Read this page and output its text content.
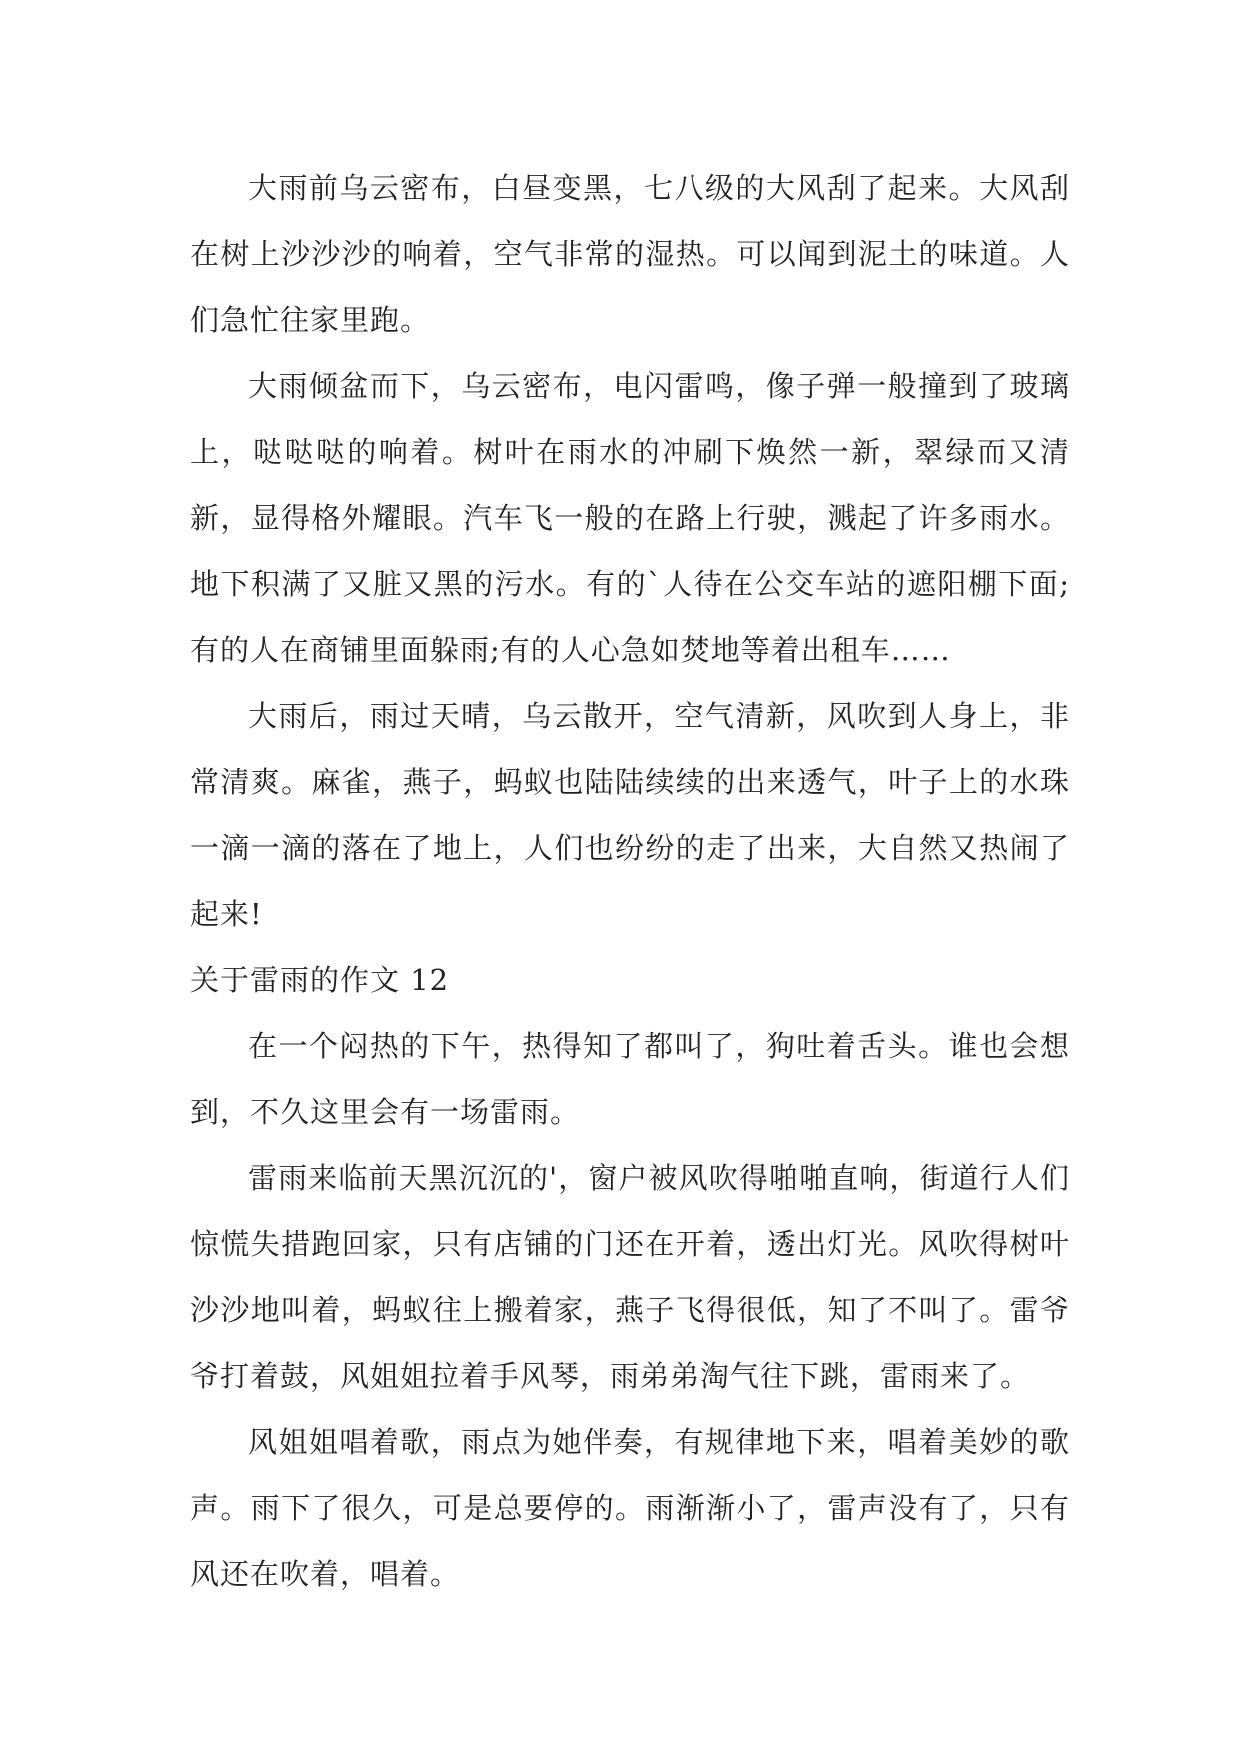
大雨前乌云密布，白昼变黑，七八级的大风刮了起来。大风刮在树上沙沙沙的响着，空气非常的湿热。可以闻到泥土的味道。人们急忙往家里跑。

大雨倾盆而下，乌云密布，电闪雷鸣，像子弹一般撞到了玻璃上，哒哒哒的响着。树叶在雨水的冲刷下焕然一新，翠绿而又清新，显得格外耀眼。汽车飞一般的在路上行驶，溅起了许多雨水。地下积满了又脏又黑的污水。有的`人待在公交车站的遮阳棚下面;有的人在商铺里面躲雨;有的人心急如焚地等着出租车……

大雨后，雨过天晴，乌云散开，空气清新，风吹到人身上，非常清爽。麻雀，燕子，蚂蚁也陆陆续续的出来透气，叶子上的水珠一滴一滴的落在了地上，人们也纷纷的走了出来，大自然又热闹了起来!

关于雷雨的作文 12

在一个闷热的下午，热得知了都叫了，狗吐着舌头。谁也会想到，不久这里会有一场雷雨。

雷雨来临前天黑沉沉的'，窗户被风吹得啪啪直响，街道行人们惊慌失措跑回家，只有店铺的门还在开着，透出灯光。风吹得树叶沙沙地叫着，蚂蚁往上搬着家，燕子飞得很低，知了不叫了。雷爷爷打着鼓，风姐姐拉着手风琴，雨弟弟淘气往下跳，雷雨来了。

风姐姐唱着歌，雨点为她伴奏，有规律地下来，唱着美妙的歌声。雨下了很久，可是总要停的。雨渐渐小了，雷声没有了，只有风还在吹着，唱着。
